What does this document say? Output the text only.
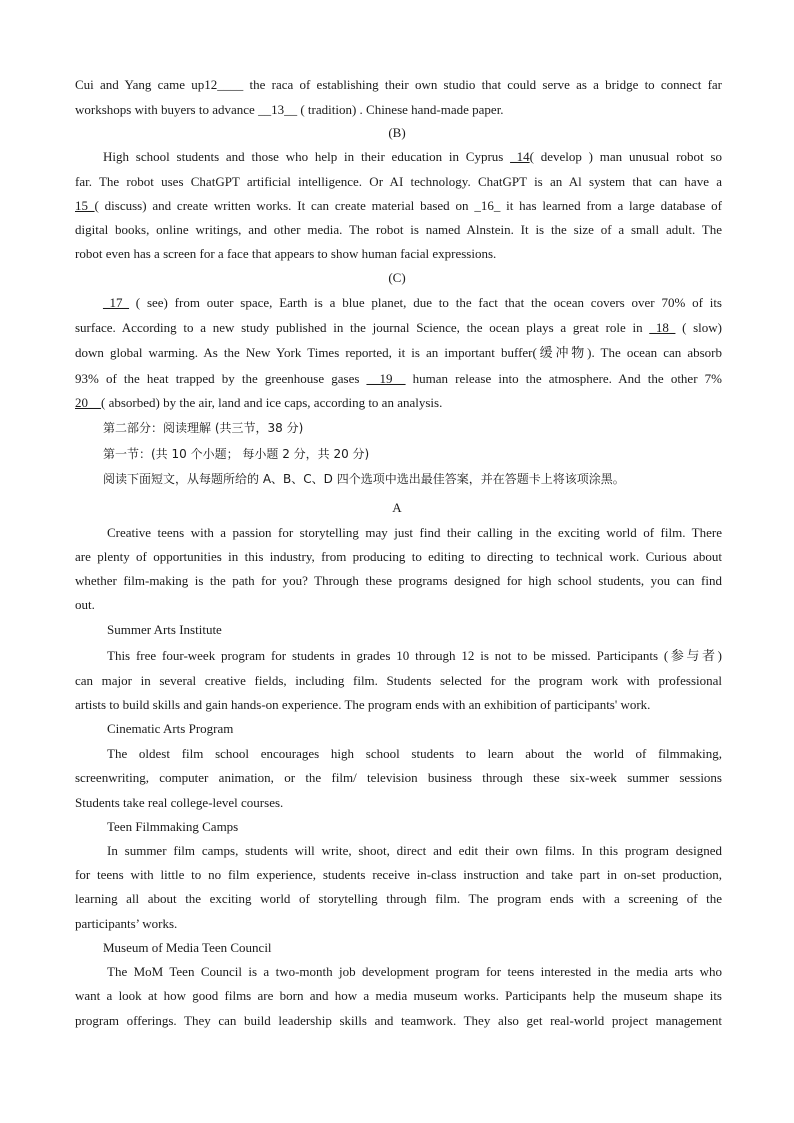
Cui and Yang came up12____ the raca of establishing their own studio that could serve as a bridge to connect far
workshops with buyers to advance __13__ ( tradition) . Chinese hand-made paper.
(B)
High school students and those who help in their education in Cyprus _14( develop ) man unusual robot so
far. The robot uses ChatGPT artificial intelligence. Or AI technology. ChatGPT is an Al system that can have a
15_( discuss) and create written works. It can create material based on _16_ it has learned from a large database of
digital books, online writings, and other media. The robot is named Alnstein. It is the size of a small adult. The
robot even has a screen for a face that appears to show human facial expressions.
(C)
_17_ ( see) from outer space, Earth is a blue planet, due to the fact that the ocean covers over 70% of its
surface. According to a new study published in the journal Science, the ocean plays a great role in _18_ ( slow)
down global warming. As the New York Times reported, it is an important buffer(缓冲物). The ocean can absorb
93% of the heat trapped by the greenhouse gases __19__ human release into the atmosphere. And the other 7%
20__( absorbed) by the air, land and ice caps, according to an analysis.
第二部分：阅读理解 (共三节，38 分)
第一节：(共 10 个小题； 每小题 2 分，共 20 分)
阅读下面短文，从每题所给的 A、B、C、D 四个选项中选出最佳答案，并在答题卡上将该项涂黑。
A
Creative teens with a passion for storytelling may just find their calling in the exciting world of film. There
are plenty of opportunities in this industry, from producing to editing to directing to technical work. Curious about
whether film-making is the path for you? Through these programs designed for high school students, you can find
out.
Summer Arts Institute
This free four-week program for students in grades 10 through 12 is not to be missed. Participants (参与者)
can major in several creative fields, including film. Students selected for the program work with professional
artists to build skills and gain hands-on experience. The program ends with an exhibition of participants' work.
Cinematic Arts Program
The oldest film school encourages high school students to learn about the world of filmmaking,
screenwriting, computer animation, or the film/ television business through these six-week summer sessions
Students take real college-level courses.
Teen Filmmaking Camps
In summer film camps, students will write, shoot, direct and edit their own films. In this program designed
for teens with little to no film experience, students receive in-class instruction and take part in on-set production,
learning all about the exciting world of storytelling through film. The program ends with a screening of the
participants’ works.
Museum of Media Teen Council
The MoM Teen Council is a two-month job development program for teens interested in the media arts who
want a look at how good films are born and how a media museum works. Participants help the museum shape its
program offerings. They can build leadership skills and teamwork. They also get real-world project management
